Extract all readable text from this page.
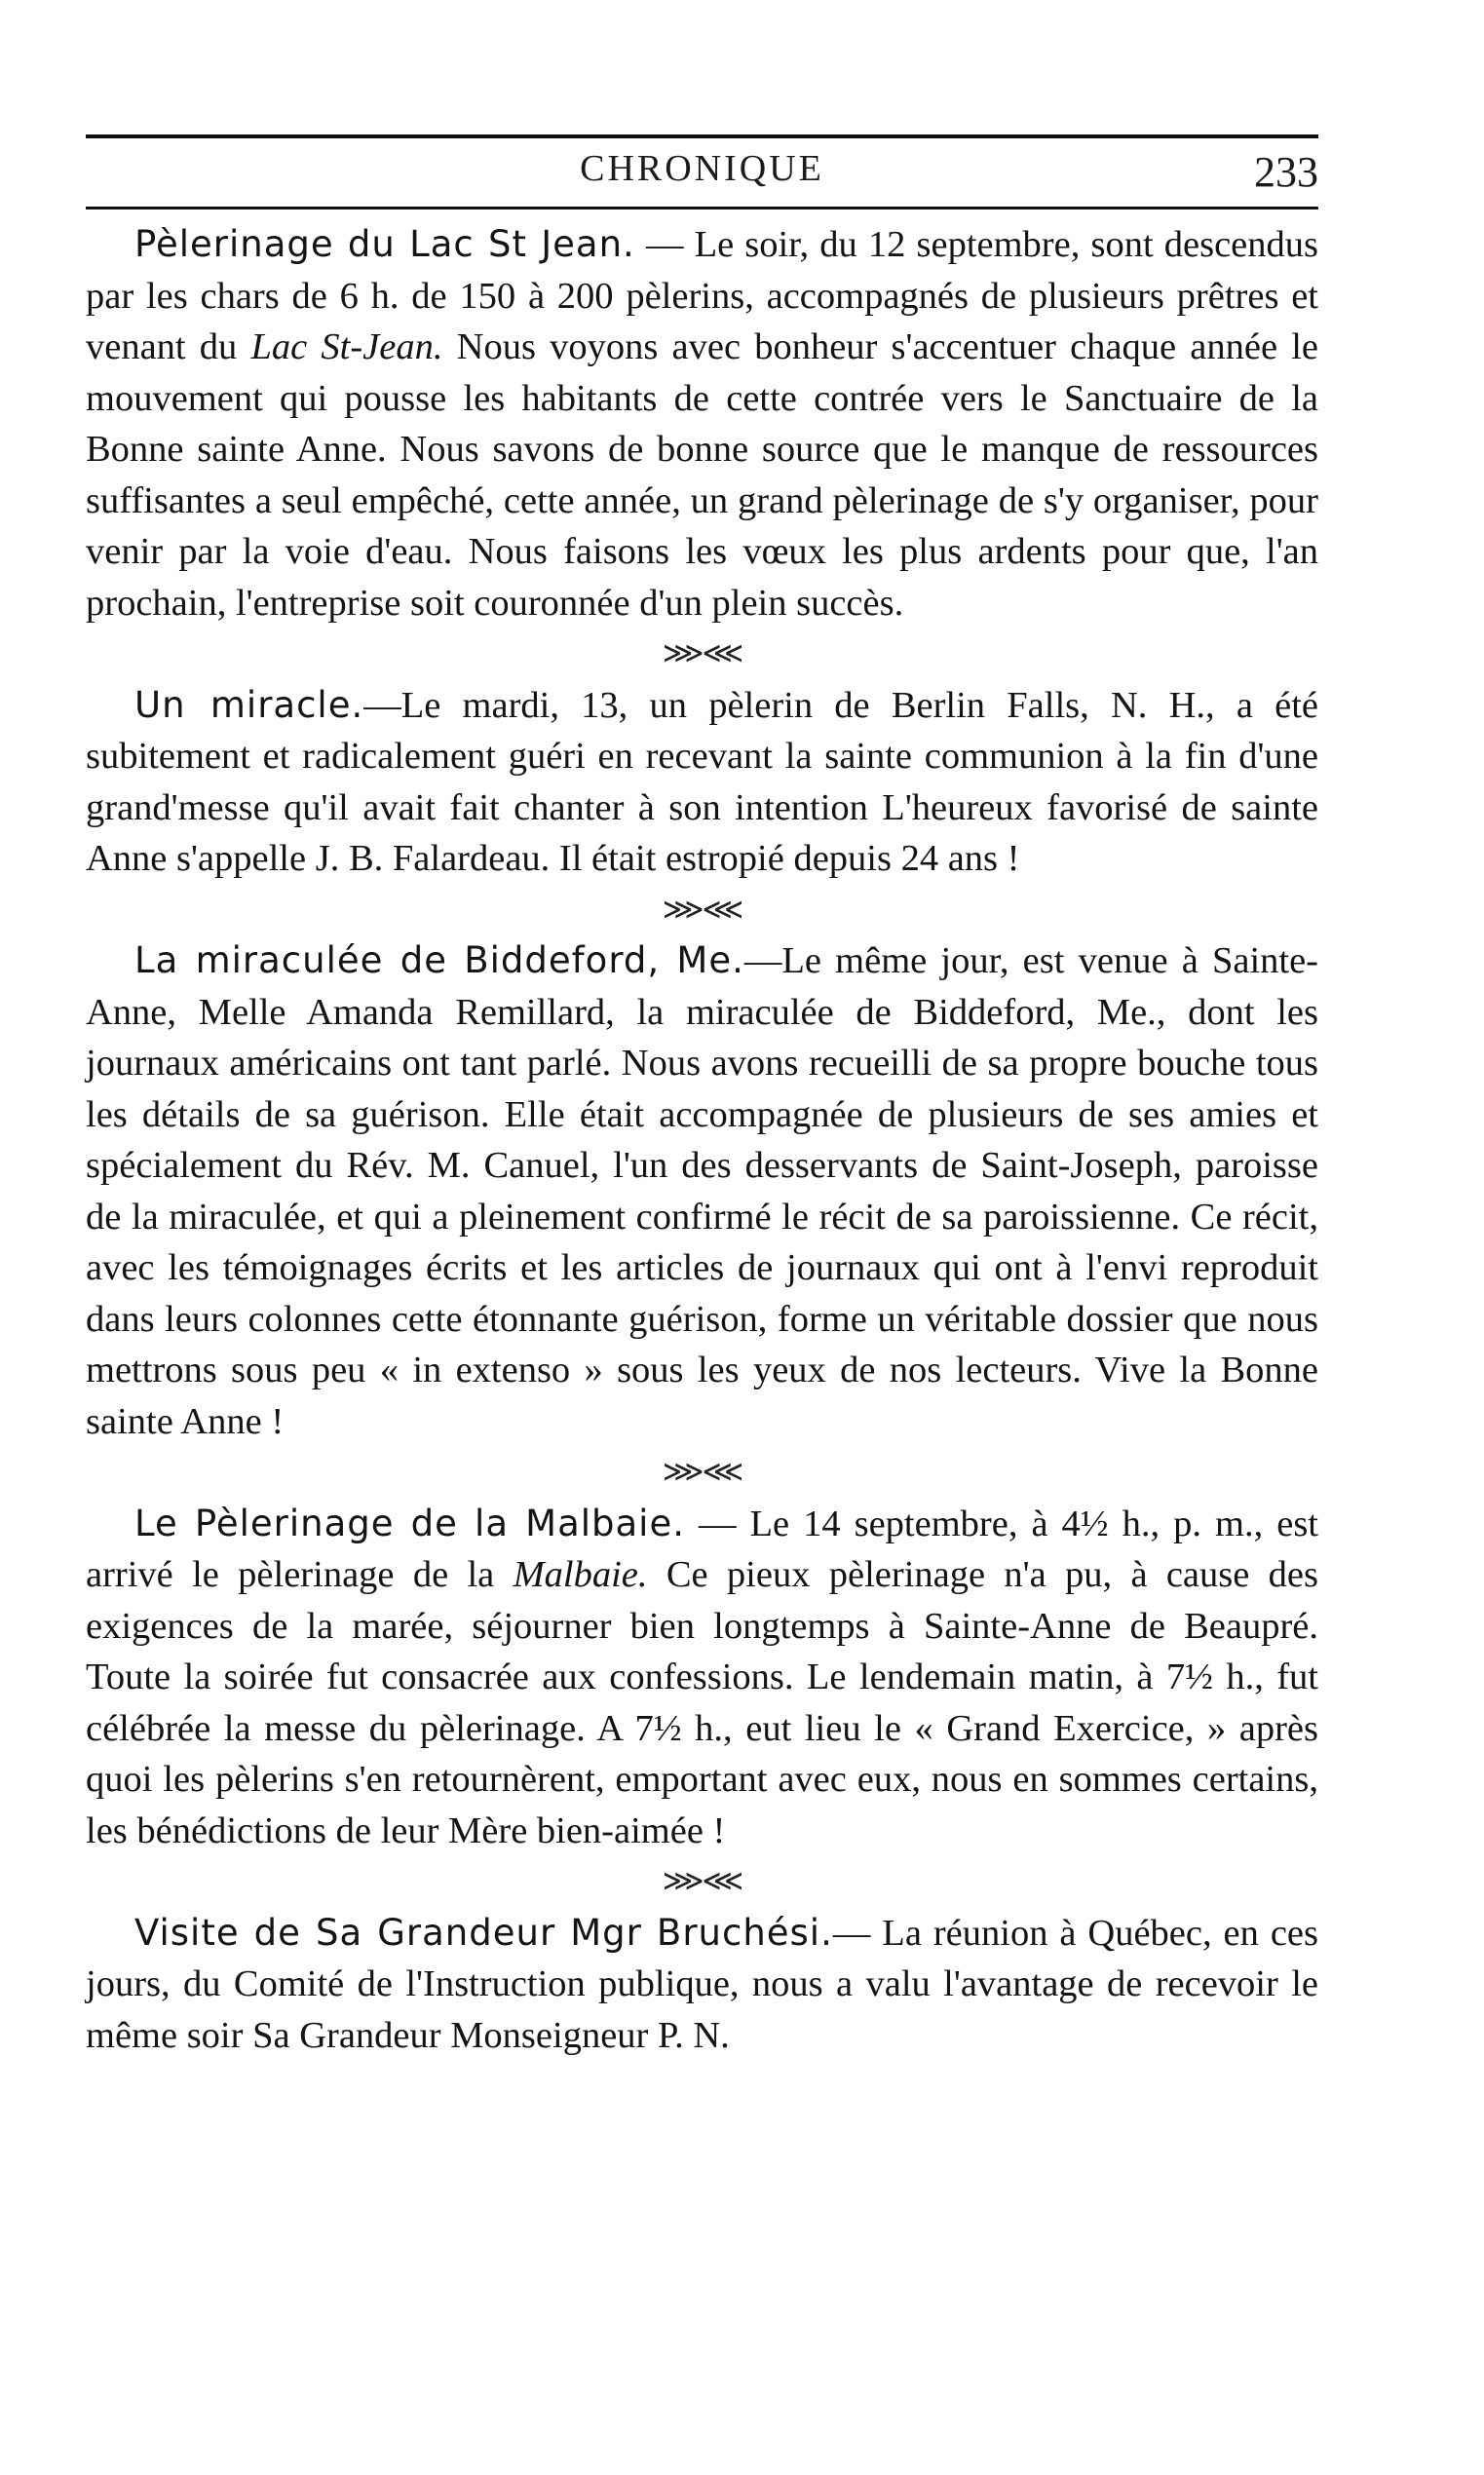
CHRONIQUE	233

Pèlerinage du Lac St Jean. — Le soir, du 12 septembre, sont descendus par les chars de 6 h. de 150 à 200 pèlerins, accompagnés de plusieurs prêtres et venant du Lac St-Jean. Nous voyons avec bonheur s'accentuer chaque année le mouvement qui pousse les habitants de cette contrée vers le Sanctuaire de la Bonne sainte Anne. Nous savons de bonne source que le manque de ressources suffisantes a seul empêché, cette année, un grand pèlerinage de s'y organiser, pour venir par la voie d'eau. Nous faisons les vœux les plus ardents pour que, l'an prochain, l'entreprise soit couronnée d'un plein succès.

⋙⋘

Un miracle.—Le mardi, 13, un pèlerin de Berlin Falls, N. H., a été subitement et radicalement guéri en recevant la sainte communion à la fin d'une grand'messe qu'il avait fait chanter à son intention L'heureux favorisé de sainte Anne s'appelle J. B. Falardeau. Il était estropié depuis 24 ans !

⋙⋘

La miraculée de Biddeford, Me.—Le même jour, est venue à Sainte-Anne, Melle Amanda Remillard, la miraculée de Biddeford, Me., dont les journaux américains ont tant parlé. Nous avons recueilli de sa propre bouche tous les détails de sa guérison. Elle était accompagnée de plusieurs de ses amies et spécialement du Rév. M. Canuel, l'un des desservants de Saint-Joseph, paroisse de la miraculée, et qui a pleinement confirmé le récit de sa paroissienne. Ce récit, avec les témoignages écrits et les articles de journaux qui ont à l'envi reproduit dans leurs colonnes cette étonnante guérison, forme un véritable dossier que nous mettrons sous peu « in extenso » sous les yeux de nos lecteurs. Vive la Bonne sainte Anne !

⋙⋘

Le Pèlerinage de la Malbaie. — Le 14 septembre, à 4½ h., p. m., est arrivé le pèlerinage de la Malbaie. Ce pieux pèlerinage n'a pu, à cause des exigences de la marée, séjourner bien longtemps à Sainte-Anne de Beaupré. Toute la soirée fut consacrée aux confessions. Le lendemain matin, à 7½ h., fut célébrée la messe du pèlerinage. A 7½ h., eut lieu le « Grand Exercice, » après quoi les pèlerins s'en retournèrent, emportant avec eux, nous en sommes certains, les bénédictions de leur Mère bien-aimée !

⋙⋘

Visite de Sa Grandeur Mgr Bruchési.— La réunion à Québec, en ces jours, du Comité de l'Instruction publique, nous a valu l'avantage de recevoir le même soir Sa Grandeur Monseigneur P. N.
